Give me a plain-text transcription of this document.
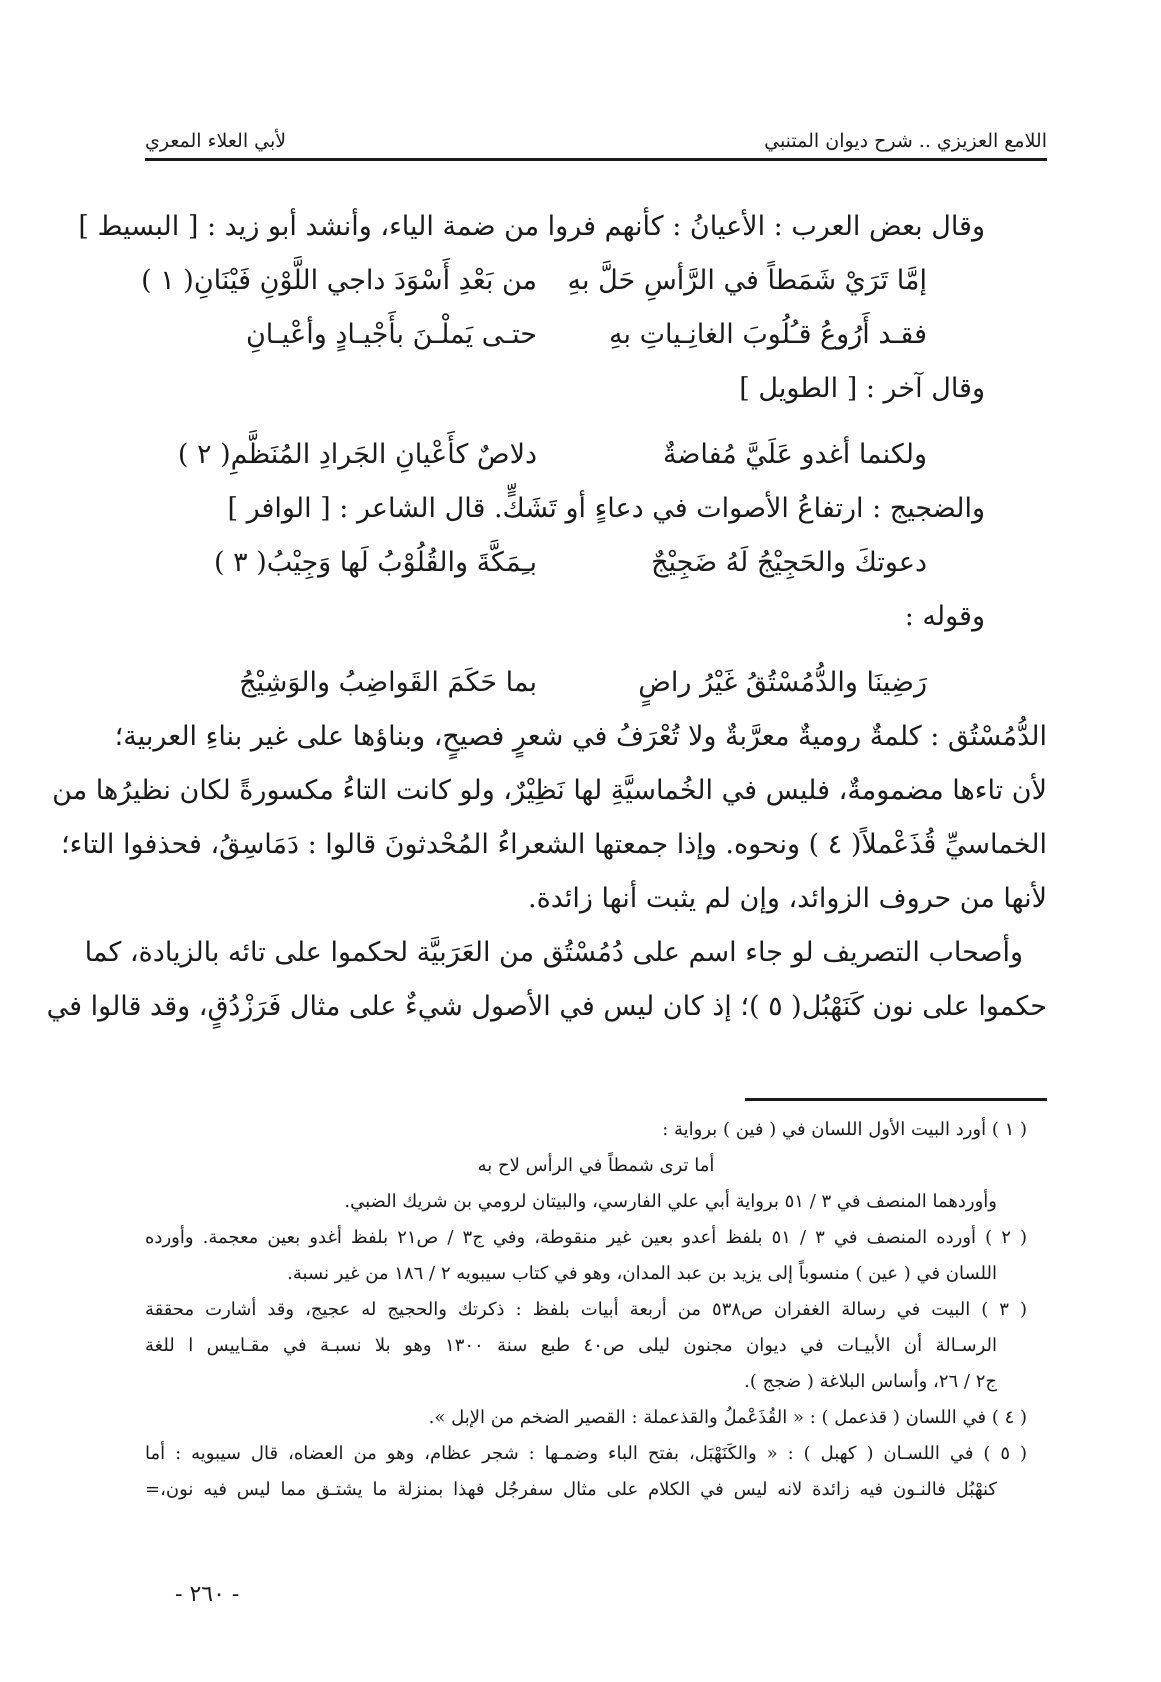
اللامع العزيزي .. شرح ديوان المتنبي
لأبي العلاء المعري
وقال بعض العرب : الأعيانُ : كأنهم فروا من ضمة الياء، وأنشد أبو زيد : [ البسيط ]
إمَّا تَرَيْ شَمَطاً في الرَّأسِ حَلَّ بهِ
من بَعْدِ أَسْوَدَ داجي اللَّوْنِ فَيْنَانِ( ١ )
فقـد أَرُوعُ قـُلُوبَ الغانِـياتِ بهِ
حتـى يَملْـنَ بأَجْيـادٍ وأعْيـانِ
وقال آخر : [ الطويل ]
ولكنما أغدو عَلَيَّ مُفاضةٌ
دلاصٌ كأَعْيانِ الجَرادِ المُنَظَّمِ( ٢ )
والضجيج : ارتفاعُ الأصوات في دعاءٍ أو تَشَكٍّ. قال الشاعر : [ الوافر ]
دعوتكَ والحَجِيْجُ لَهُ ضَجِيْجٌ
بـِمَكَّةَ والقُلُوْبُ لَها وَجِيْبُ( ٣ )
وقوله :
رَضِينَا والدُّمُسْتُقُ غَيْرُ راضٍ
بما حَكَمَ القَواضِبُ والوَشِيْجُ
الدُّمُسْتُق : كلمةٌ روميةٌ معرَّبةٌ ولا تُعْرَفُ في شعرٍ فصيحٍ، وبناؤها على غير بناءِ العربية؛
لأن تاءها مضمومةٌ، فليس في الخُماسيَّةِ لها نَظِيْرٌ، ولو كانت التاءُ مكسورةً لكان نظيرُها من
الخماسيِّ قُذَعْملاً( ٤ ) ونحوه. وإذا جمعتها الشعراءُ المُحْدثونَ قالوا : دَمَاسِقُ، فحذفوا التاء؛
لأنها من حروف الزوائد، وإن لم يثبت أنها زائدة.
وأصحاب التصريف لو جاء اسم على دُمُسْتُق من العَرَبيَّة لحكموا على تائه بالزيادة، كما
حكموا على نون كَنَهْبُل( ٥ )؛ إذ كان ليس في الأصول شيءٌ على مثال فَرَزْدُقٍ، وقد قالوا في
( ١ ) أورد البيت الأول اللسان في ( فين ) برواية :
أما ترى شمطاً في الرأس لاح به
وأوردهما المنصف في ٣ / ٥١ برواية أبي علي الفارسي، والبيتان لرومي بن شريك الضبي.
( ٢ ) أورده المنصف في ٣ / ٥١ بلفظ أعدو بعين غير منقوطة، وفي ج٣ / ص٢١ بلفظ أغدو بعين معجمة. وأورده
اللسان في ( عين ) منسوباً إلى يزيد بن عبد المدان، وهو في كتاب سيبويه ٢ / ١٨٦ من غير نسبة.
( ٣ ) البيت في رسالة الغفران ص٥٣٨ من أربعة أبيات بلفظ : ذكرتك والحجيج له عجيج، وقد أشارت محققة
الرسـالة أن الأبيـات في ديوان مجنون ليلى ص٤٠ طبع سنة ١٣٠٠ وهو بلا نسبـة في مقـاييس ا للغة
ج٢ / ٢٦، وأساس البلاغة ( ضجج ).
( ٤ ) في اللسان ( قذعمل ) : « القُذَعْملُ والقذعملة : القصير الضخم من الإبل ».
( ٥ ) في اللسـان ( كهبل ) : « والكَنَهْبَل، بفتح الباء وضمـها : شجر عظام، وهو من العضاه، قال سيبويه : أما
كنهْبُل فالنـون فيه زائدة لانه ليس في الكلام على مثال سفرجُل فهذا بمنزلة ما يشتـق مما ليس فيه نون،=
- ٢٦٠ -
